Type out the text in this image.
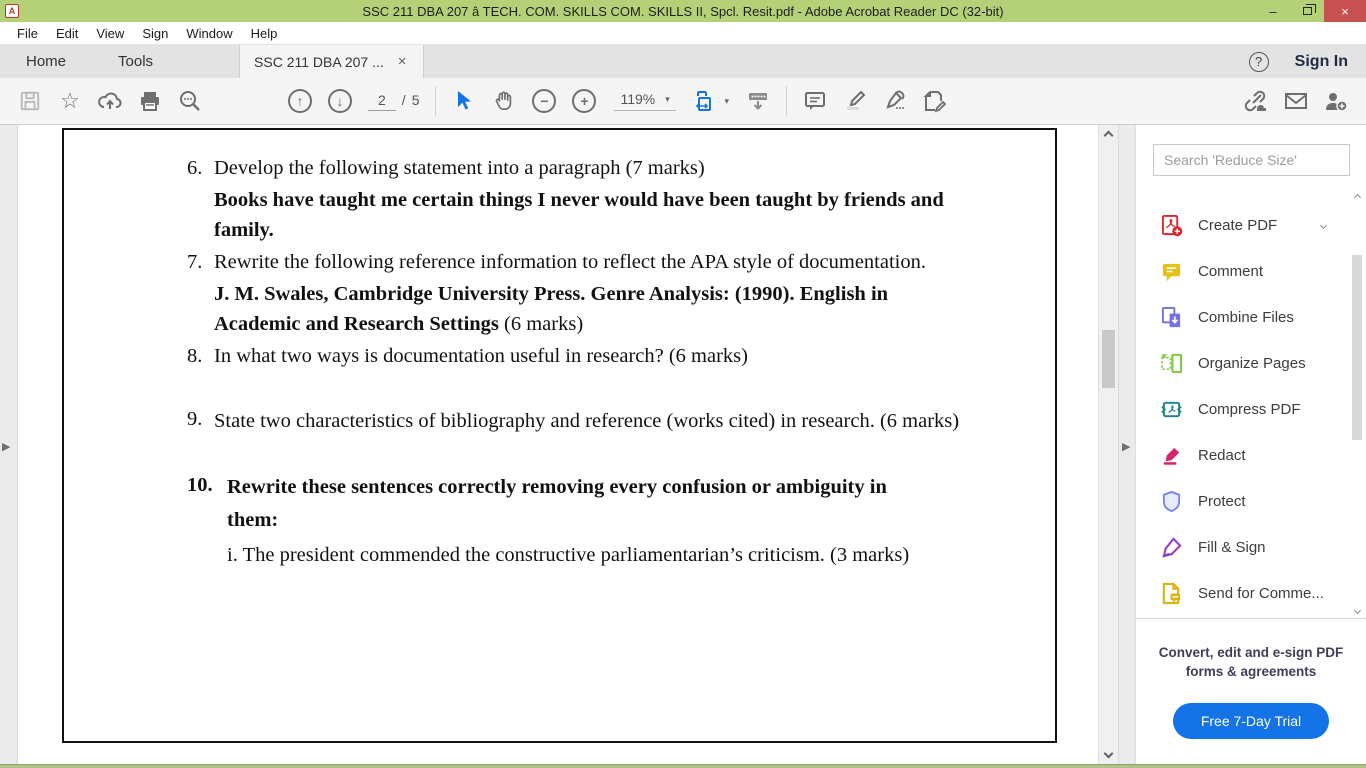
A	SSC 211 DBA 207 â TECH. COM. SKILLS COM. SKILLS II, Spcl. Resit.pdf - Adobe Acrobat Reader DC (32-bit)	–	×
File	Edit	View	Sign	Window	Help
Home	Tools	SSC 211 DBA 207 ... ×	?	Sign In
☆	↑	↓	2	/ 5	−	+	119% ▾	▾
▶
6. Develop the following statement into a paragraph (7 marks)
Books have taught me certain things I never would have been taught by friends and family.
7. Rewrite the following reference information to reflect the APA style of documentation.
J. M. Swales, Cambridge University Press. Genre Analysis: (1990). English in Academic and Research Settings (6 marks)
8. In what two ways is documentation useful in research? (6 marks)
9. State two characteristics of bibliography and reference (works cited) in research. (6 marks)
10. Rewrite these sentences correctly removing every confusion or ambiguity in them:
i. The president commended the constructive parliamentarian’s criticism. (3 marks)
▶
Search 'Reduce Size'
Create PDF
Comment
Combine Files
Organize Pages
Compress PDF
Redact
Protect
Fill & Sign
Send for Comme...
Convert, edit and e-sign PDF
forms & agreements
Free 7-Day Trial
